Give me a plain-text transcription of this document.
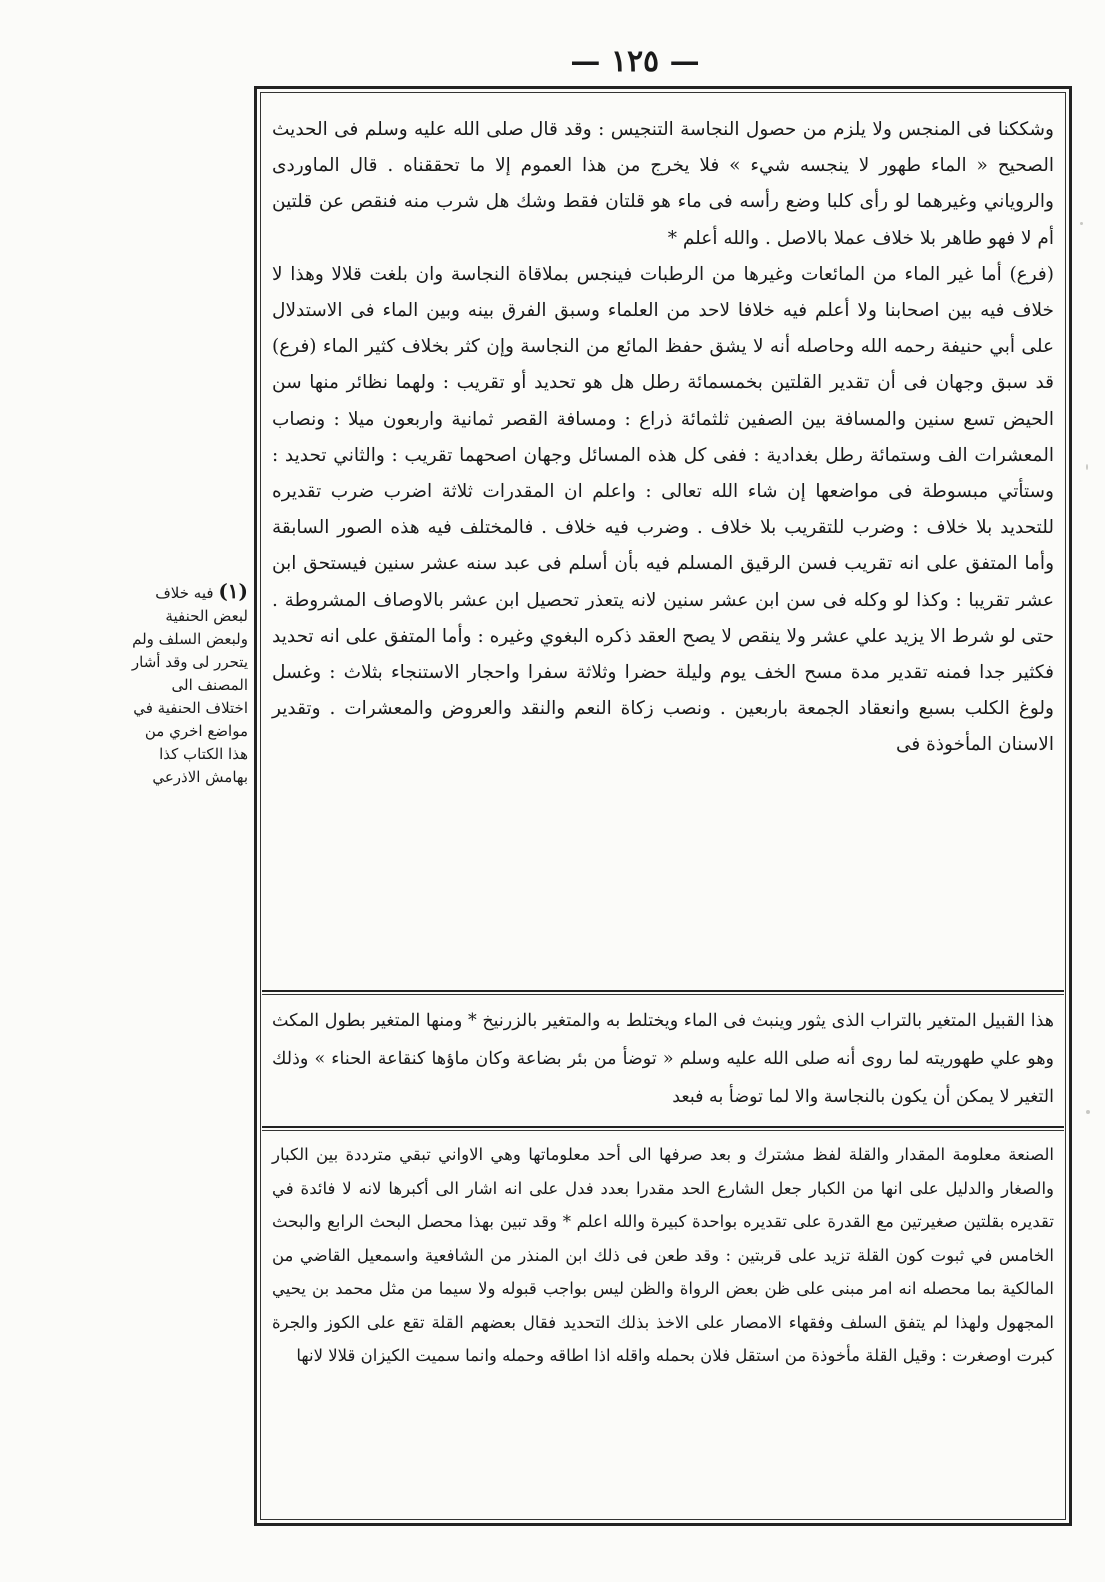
— ١٢٥ —

وشككنا فى المنجس ولا يلزم من حصول النجاسة التنجيس : وقد قال صلى الله عليه وسلم فى الحديث الصحيح « الماء طهور لا ينجسه شيء » فلا يخرج من هذا العموم إلا ما تحققناه . قال الماوردى والروياني وغيرهما لو رأى كلبا وضع رأسه فى ماء هو قلتان فقط وشك هل شرب منه فنقص عن قلتين أم لا فهو طاهر بلا خلاف عملا بالاصل . والله أعلم *

(فرع) أما غير الماء من المائعات وغيرها من الرطبات فينجس بملاقاة النجاسة وان بلغت قلالا وهذا لا خلاف فيه بين اصحابنا ولا أعلم فيه خلافا لاحد من العلماء وسبق الفرق بينه وبين الماء فى الاستدلال على أبي حنيفة رحمه الله وحاصله أنه لا يشق حفظ المائع من النجاسة وإن كثر بخلاف كثير الماء (فرع) قد سبق وجهان فى أن تقدير القلتين بخمسمائة رطل هل هو تحديد أو تقريب : ولهما نظائر منها سن الحيض تسع سنين والمسافة بين الصفين ثلثمائة ذراع : ومسافة القصر ثمانية واربعون ميلا : ونصاب المعشرات الف وستمائة رطل بغدادية : ففى كل هذه المسائل وجهان اصحهما تقريب : والثاني تحديد : وستأتي مبسوطة فى مواضعها إن شاء الله تعالى : واعلم ان المقدرات ثلاثة اضرب ضرب تقديره للتحديد بلا خلاف : وضرب للتقريب بلا خلاف . وضرب فيه خلاف . فالمختلف فيه هذه الصور السابقة وأما المتفق على انه تقريب فسن الرقيق المسلم فيه بأن أسلم فى عبد سنه عشر سنين فيستحق ابن عشر تقريبا : وكذا لو وكله فى سن ابن عشر سنين لانه يتعذر تحصيل ابن عشر بالاوصاف المشروطة . حتى لو شرط الا يزيد علي عشر ولا ينقص لا يصح العقد ذكره البغوي وغيره : وأما المتفق على انه تحديد فكثير جدا فمنه تقدير مدة مسح الخف يوم وليلة حضرا وثلاثة سفرا واحجار الاستنجاء بثلاث : وغسل ولوغ الكلب بسبع وانعقاد الجمعة باربعين . ونصب زكاة النعم والنقد والعروض والمعشرات . وتقدير الاسنان المأخوذة فى

هذا القبيل المتغير بالتراب الذى يثور وينبث فى الماء ويختلط به والمتغير بالزرنيخ * ومنها المتغير بطول المكث وهو علي طهوريته لما روى أنه صلى الله عليه وسلم « توضأ من بئر بضاعة وكان ماؤها كنقاعة الحناء » وذلك التغير لا يمكن أن يكون بالنجاسة والا لما توضأ به فبعد

الصنعة معلومة المقدار والقلة لفظ مشترك و بعد صرفها الى أحد معلوماتها وهي الاواني تبقي مترددة بين الكبار والصغار والدليل على انها من الكبار جعل الشارع الحد مقدرا بعدد فدل على انه اشار الى أكبرها لانه لا فائدة في تقديره بقلتين صغيرتين مع القدرة على تقديره بواحدة كبيرة والله اعلم * وقد تبين بهذا محصل البحث الرابع والبحث الخامس في ثبوت كون القلة تزيد على قربتين : وقد طعن فى ذلك ابن المنذر من الشافعية واسمعيل القاضي من المالكية بما محصله انه امر مبنى على ظن بعض الرواة والظن ليس بواجب قبوله ولا سيما من مثل محمد بن يحيي المجهول ولهذا لم يتفق السلف وفقهاء الامصار على الاخذ بذلك التحديد فقال بعضهم القلة تقع على الكوز والجرة كبرت اوصغرت : وقيل القلة مأخوذة من استقل فلان بحمله واقله اذا اطاقه وحمله وانما سميت الكيزان قلالا لانها

(١) فيه خلاف لبعض الحنفية ولبعض السلف ولم يتحرر لى وقد أشار المصنف الى اختلاف الحنفية في مواضع اخري من هذا الكتاب كذا بهامش الاذرعي
